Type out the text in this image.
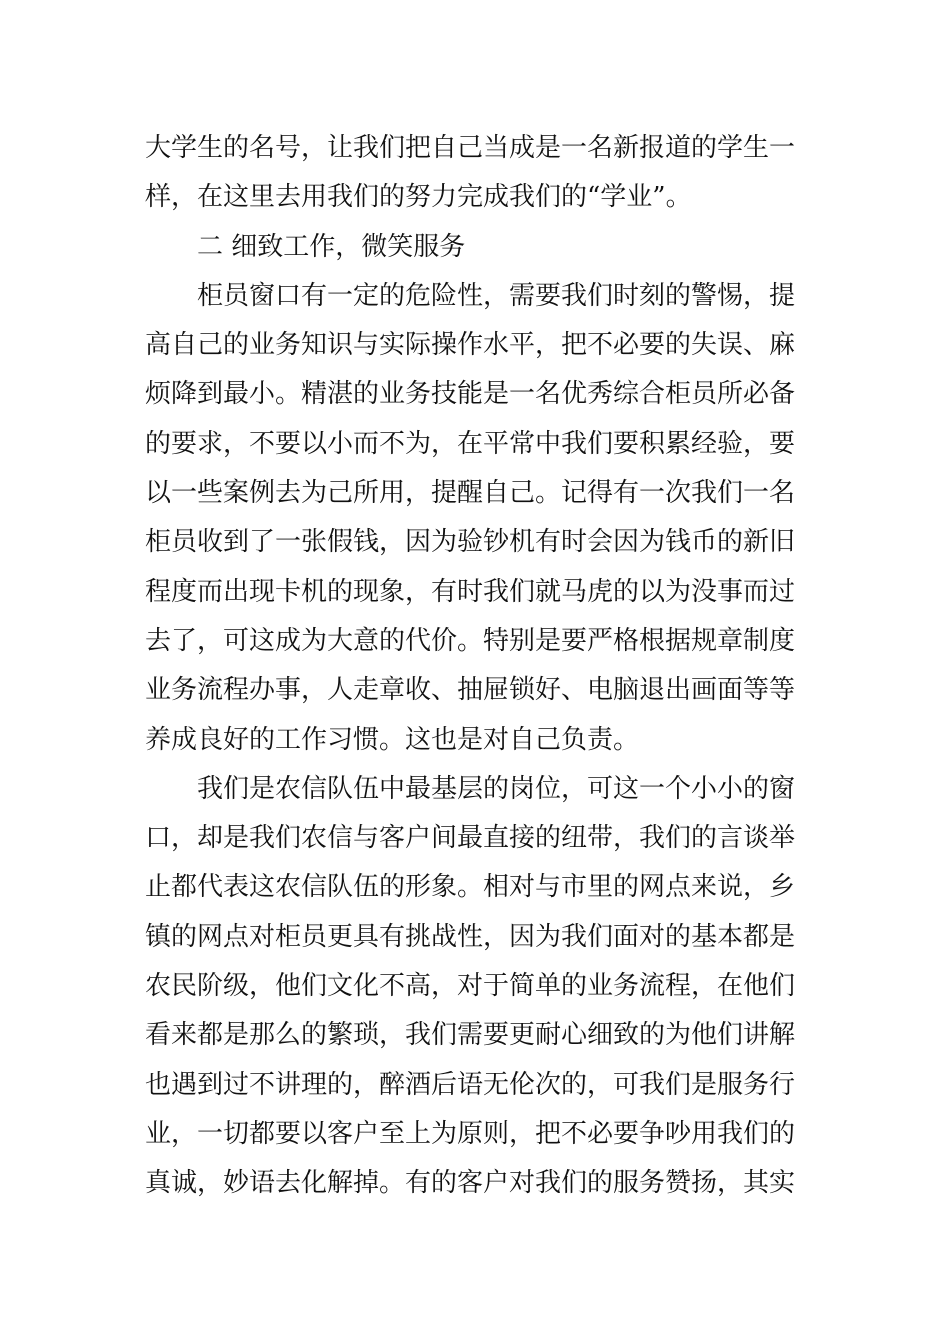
大学生的名号，让我们把自己当成是一名新报道的学生一
样，在这里去用我们的努力完成我们的“学业”。
　　二 细致工作，微笑服务
　　柜员窗口有一定的危险性，需要我们时刻的警惕，提
高自己的业务知识与实际操作水平，把不必要的失误、麻
烦降到最小。精湛的业务技能是一名优秀综合柜员所必备
的要求，不要以小而不为，在平常中我们要积累经验，要
以一些案例去为己所用，提醒自己。记得有一次我们一名
柜员收到了一张假钱，因为验钞机有时会因为钱币的新旧
程度而出现卡机的现象，有时我们就马虎的以为没事而过
去了，可这成为大意的代价。特别是要严格根据规章制度
业务流程办事，人走章收、抽屉锁好、电脑退出画面等等
养成良好的工作习惯。这也是对自己负责。
　　我们是农信队伍中最基层的岗位，可这一个小小的窗
口，却是我们农信与客户间最直接的纽带，我们的言谈举
止都代表这农信队伍的形象。相对与市里的网点来说，乡
镇的网点对柜员更具有挑战性，因为我们面对的基本都是
农民阶级，他们文化不高，对于简单的业务流程，在他们
看来都是那么的繁琐，我们需要更耐心细致的为他们讲解
也遇到过不讲理的，醉酒后语无伦次的，可我们是服务行
业，一切都要以客户至上为原则，把不必要争吵用我们的
真诚，妙语去化解掉。有的客户对我们的服务赞扬，其实
